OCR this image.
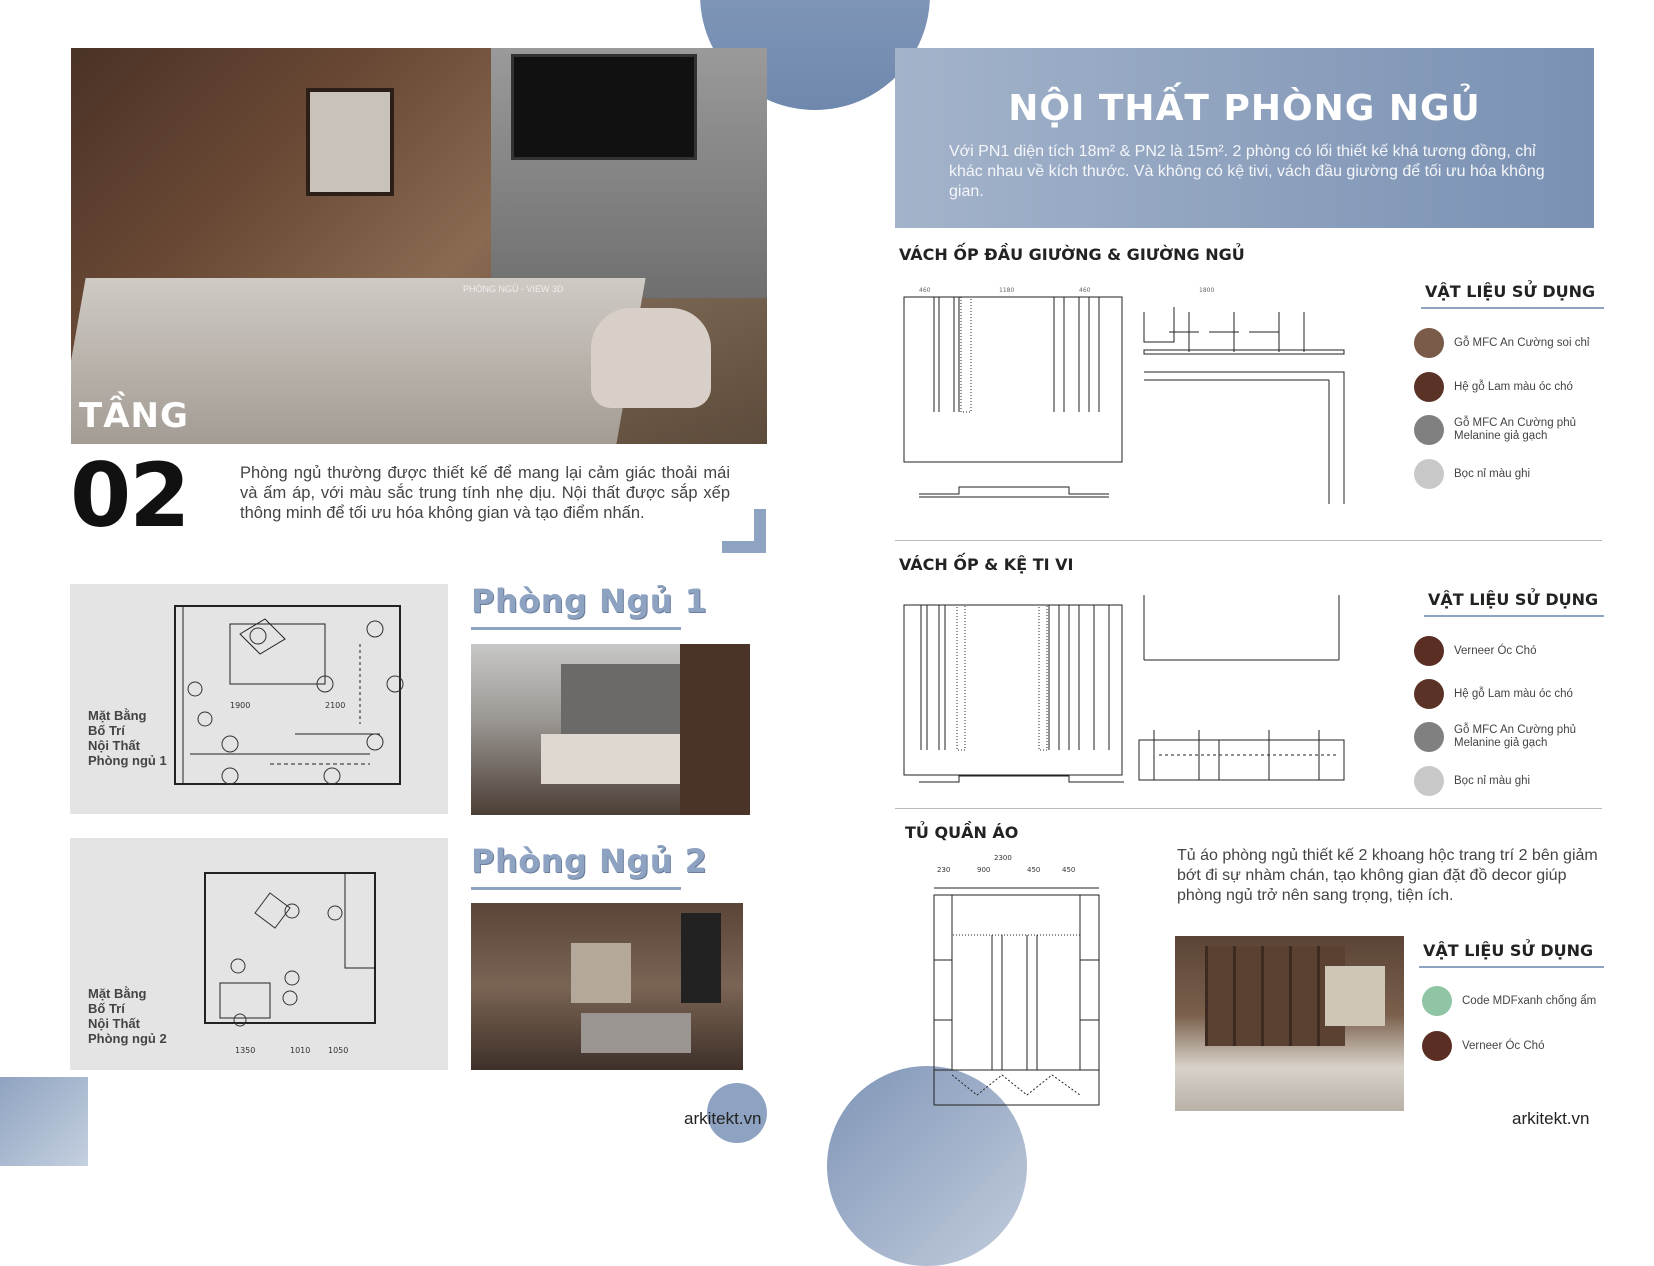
PHÒNG NGỦ - VIEW 3D
TẦNG
02	Phòng ngủ thường được thiết kế để mang lại cảm giác thoải mái và ấm áp, với màu sắc trung tính nhẹ dịu. Nội thất được sắp xếp thông minh để tối ưu hóa không gian và tạo điểm nhấn.
1900	2100
Mặt Bằng
Bố Trí
Nội Thất
Phòng ngủ 1
Phòng Ngủ 1
1350	1010 1050
Mặt Bằng
Bố Trí
Nội Thất
Phòng ngủ 2
Phòng Ngủ 2
arkitekt.vn
NỘI THẤT PHÒNG NGỦ
Với PN1 diện tích 18m² & PN2 là 15m². 2 phòng có lối thiết kế khá tương đồng, chỉ khác nhau về kích thước. Và không có kệ tivi, vách đầu giường để tối ưu hóa không gian.
VÁCH ỐP ĐẦU GIƯỜNG & GIƯỜNG NGỦ
460	1180	460	1800	VẬT LIỆU SỬ DỤNG
Gỗ MFC An Cường soi chỉ
Hệ gỗ Lam màu óc chó
Gỗ MFC An Cường phủ Melanine giả gạch
Bọc nỉ màu ghi
VÁCH ỐP & KỆ TI VI
VẬT LIỆU SỬ DỤNG
Verneer Óc Chó
Hệ gỗ Lam màu óc chó
Gỗ MFC An Cường phủ Melanine giả gạch
Bọc nỉ màu ghi
TỦ QUẦN ÁO
2300
230	900	450	450
Tủ áo phòng ngủ thiết kế 2 khoang hộc trang trí 2 bên giảm bớt đi sự nhàm chán, tạo không gian đặt đồ decor giúp phòng ngủ trở nên sang trọng, tiện ích.
VẬT LIỆU SỬ DỤNG
Code MDFxanh chống ẩm
Verneer Óc Chó
arkitekt.vn
